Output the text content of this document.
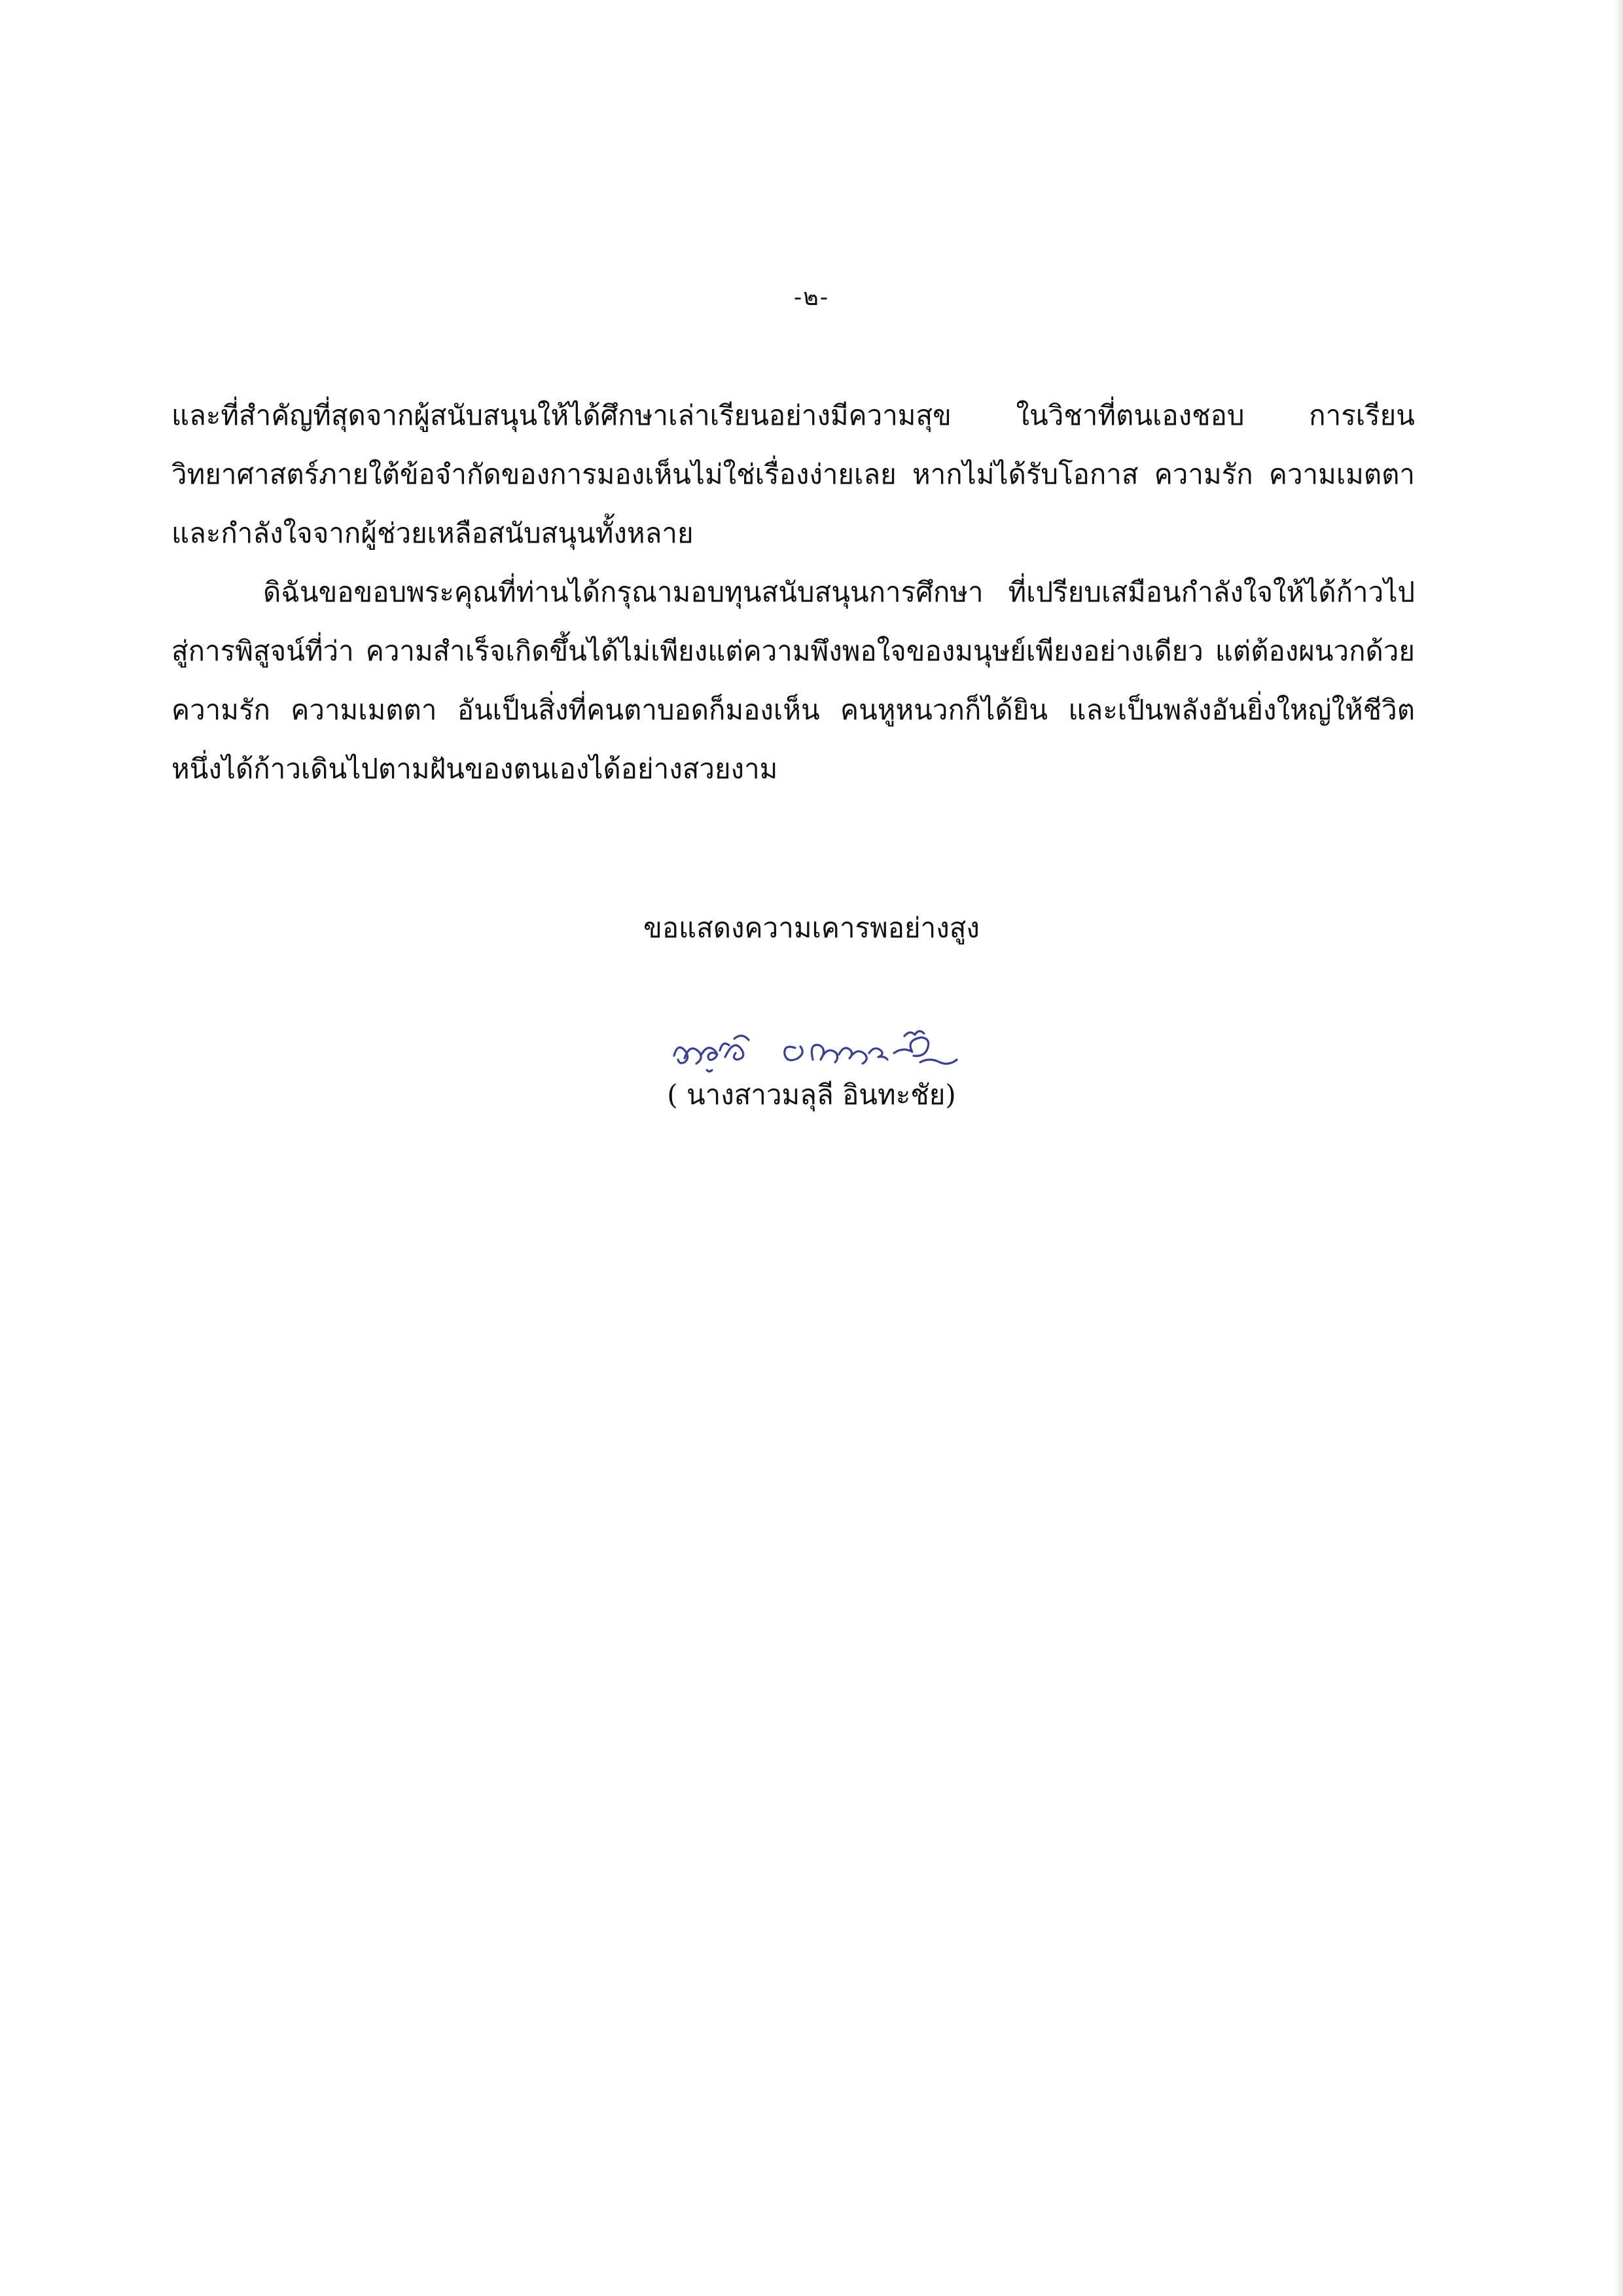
-๒-

และที่สำคัญที่สุดจากผู้สนับสนุนให้ได้ศึกษาเล่าเรียนอย่างมีความสุข ในวิชาที่ตนเองชอบ การเรียนวิทยาศาสตร์ภายใต้ข้อจำกัดของการมองเห็นไม่ใช่เรื่องง่ายเลย หากไม่ได้รับโอกาส ความรัก ความเมตตา และกำลังใจจากผู้ช่วยเหลือสนับสนุนทั้งหลาย

ดิฉันขอขอบพระคุณที่ท่านได้กรุณามอบทุนสนับสนุนการศึกษา ที่เปรียบเสมือนกำลังใจให้ได้ก้าวไปสู่การพิสูจน์ที่ว่า ความสำเร็จเกิดขึ้นได้ไม่เพียงแต่ความพึงพอใจของมนุษย์เพียงอย่างเดียว แต่ต้องผนวกด้วยความรัก ความเมตตา อันเป็นสิ่งที่คนตาบอดก็มองเห็น คนหูหนวกก็ได้ยิน และเป็นพลังอันยิ่งใหญ่ให้ชีวิตหนึ่งได้ก้าวเดินไปตามฝันของตนเองได้อย่างสวยงาม

ขอแสดงความเคารพอย่างสูง
( นางสาวมลุลี อินทะชัย)
